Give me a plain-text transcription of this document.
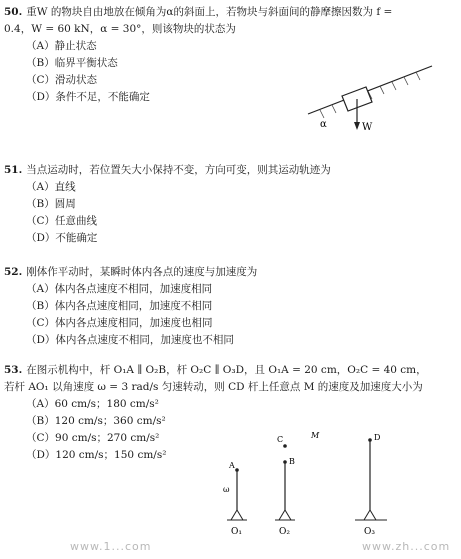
50. 重W 的物块自由地放在倾角为α的斜面上，若物块与斜面间的静摩擦因数为 f = 0.4，W = 60 kN，α = 30°，则该物块的状态为
（A）静止状态
（B）临界平衡状态
（C）滑动状态
（D）条件不足，不能确定
W
α
51. 当点运动时，若位置矢大小保持不变，方向可变，则其运动轨迹为
（A）直线
（B）圆周
（C）任意曲线
（D）不能确定
52. 刚体作平动时，某瞬时体内各点的速度与加速度为
（A）体内各点速度不相同，加速度相同
（B）体内各点速度相同，加速度不相同
（C）体内各点速度相同，加速度也相同
（D）体内各点速度不相同，加速度也不相同
53. 在图示机构中，杆 O₁A ∥ O₂B，杆 O₂C ∥ O₃D，且 O₁A = 20 cm，O₂C = 40 cm，若杆 AO₁ 以角速度 ω = 3 rad/s 匀速转动，则 CD 杆上任意点 M 的速度及加速度大小为
（A）60 cm/s；180 cm/s²
（B）120 cm/s；360 cm/s²
（C）90 cm/s；270 cm/s²
（D）120 cm/s；150 cm/s²
O₁	O₂	O₃
A	B
C	D
M
ω
www.1...com	www.zh...com
